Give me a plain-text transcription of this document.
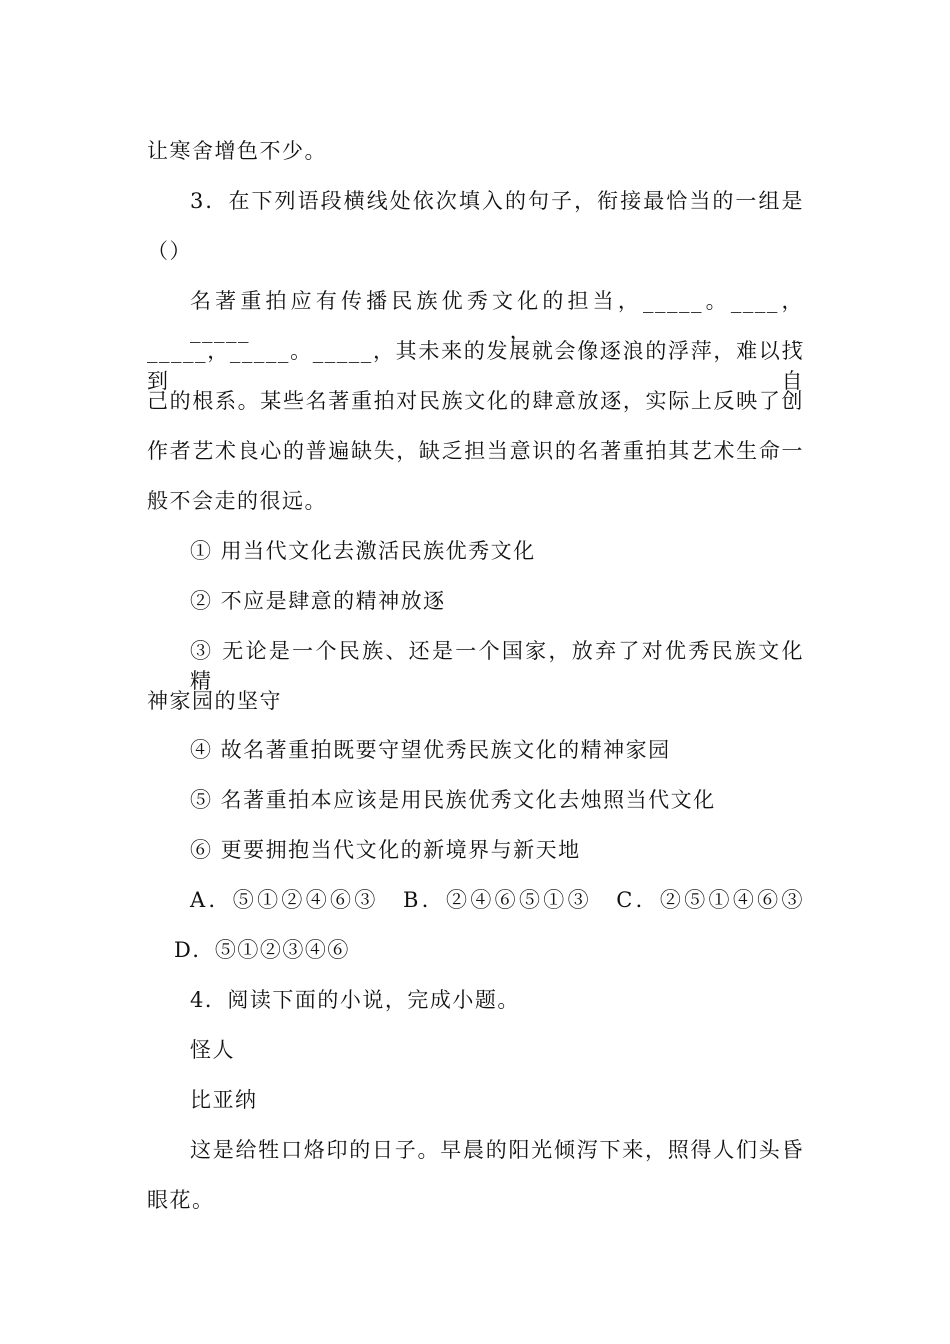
让寒舍增色不少。

3．在下列语段横线处依次填入的句子，衔接最恰当的一组是

（）

名著重拍应有传播民族优秀文化的担当，_____。____，_____，_

_____，_____。_____，其未来的发展就会像逐浪的浮萍，难以找到自

己的根系。某些名著重拍对民族文化的肆意放逐，实际上反映了创

作者艺术良心的普遍缺失，缺乏担当意识的名著重拍其艺术生命一

般不会走的很远。

① 用当代文化去激活民族优秀文化

② 不应是肆意的精神放逐

③ 无论是一个民族、还是一个国家，放弃了对优秀民族文化精

神家园的坚守

④ 故名著重拍既要守望优秀民族文化的精神家园

⑤ 名著重拍本应该是用民族优秀文化去烛照当代文化

⑥ 更要拥抱当代文化的新境界与新天地

A．⑤①②④⑥③　B．②④⑥⑤①③　C．②⑤①④⑥③

D．⑤①②③④⑥

4．阅读下面的小说，完成小题。

怪人

比亚纳

这是给牲口烙印的日子。早晨的阳光倾泻下来，照得人们头昏

眼花。
